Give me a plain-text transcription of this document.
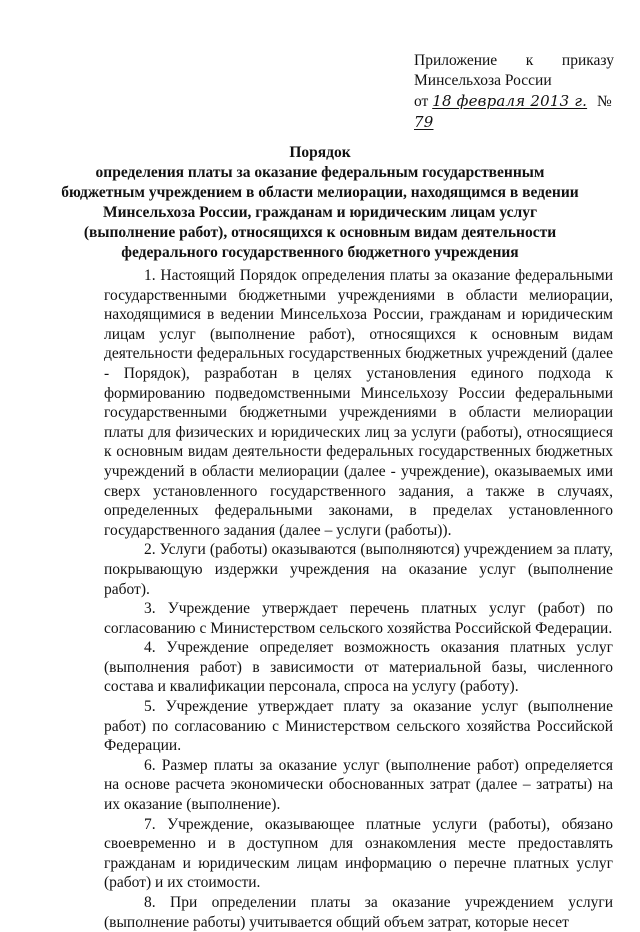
Приложение к приказу
Минсельхоза России
от 18 февраля 2013 г. № 79
Порядок
определения платы за оказание федеральным государственным
бюджетным учреждением в области мелиорации, находящимся в ведении
Минсельхоза России, гражданам и юридическим лицам услуг
(выполнение работ), относящихся к основным видам деятельности
федерального государственного бюджетного учреждения

1. Настоящий Порядок определения платы за оказание федеральными государственными бюджетными учреждениями в области мелиорации, находящимися в ведении Минсельхоза России, гражданам и юридическим лицам услуг (выполнение работ), относящихся к основным видам деятельности федеральных государственных бюджетных учреждений (далее - Порядок), разработан в целях установления единого подхода к формированию подведомственными Минсельхозу России федеральными государственными бюджетными учреждениями в области мелиорации платы для физических и юридических лиц за услуги (работы), относящиеся к основным видам деятельности федеральных государственных бюджетных учреждений в области мелиорации (далее - учреждение), оказываемых ими сверх установленного государственного задания, а также в случаях, определенных федеральными законами, в пределах установленного государственного задания (далее – услуги (работы)).

2. Услуги (работы) оказываются (выполняются) учреждением за плату, покрывающую издержки учреждения на оказание услуг (выполнение работ).

3. Учреждение утверждает перечень платных услуг (работ) по согласованию с Министерством сельского хозяйства Российской Федерации.

4. Учреждение определяет возможность оказания платных услуг (выполнения работ) в зависимости от материальной базы, численного состава и квалификации персонала, спроса на услугу (работу).

5. Учреждение утверждает плату за оказание услуг (выполнение работ) по согласованию с Министерством сельского хозяйства Российской Федерации.

6. Размер платы за оказание услуг (выполнение работ) определяется на основе расчета экономически обоснованных затрат (далее – затраты) на их оказание (выполнение).

7. Учреждение, оказывающее платные услуги (работы), обязано своевременно и в доступном для ознакомления месте предоставлять гражданам и юридическим лицам информацию о перечне платных услуг (работ) и их стоимости.

8. При определении платы за оказание учреждением услуги (выполнение работы) учитывается общий объем затрат, которые несет
